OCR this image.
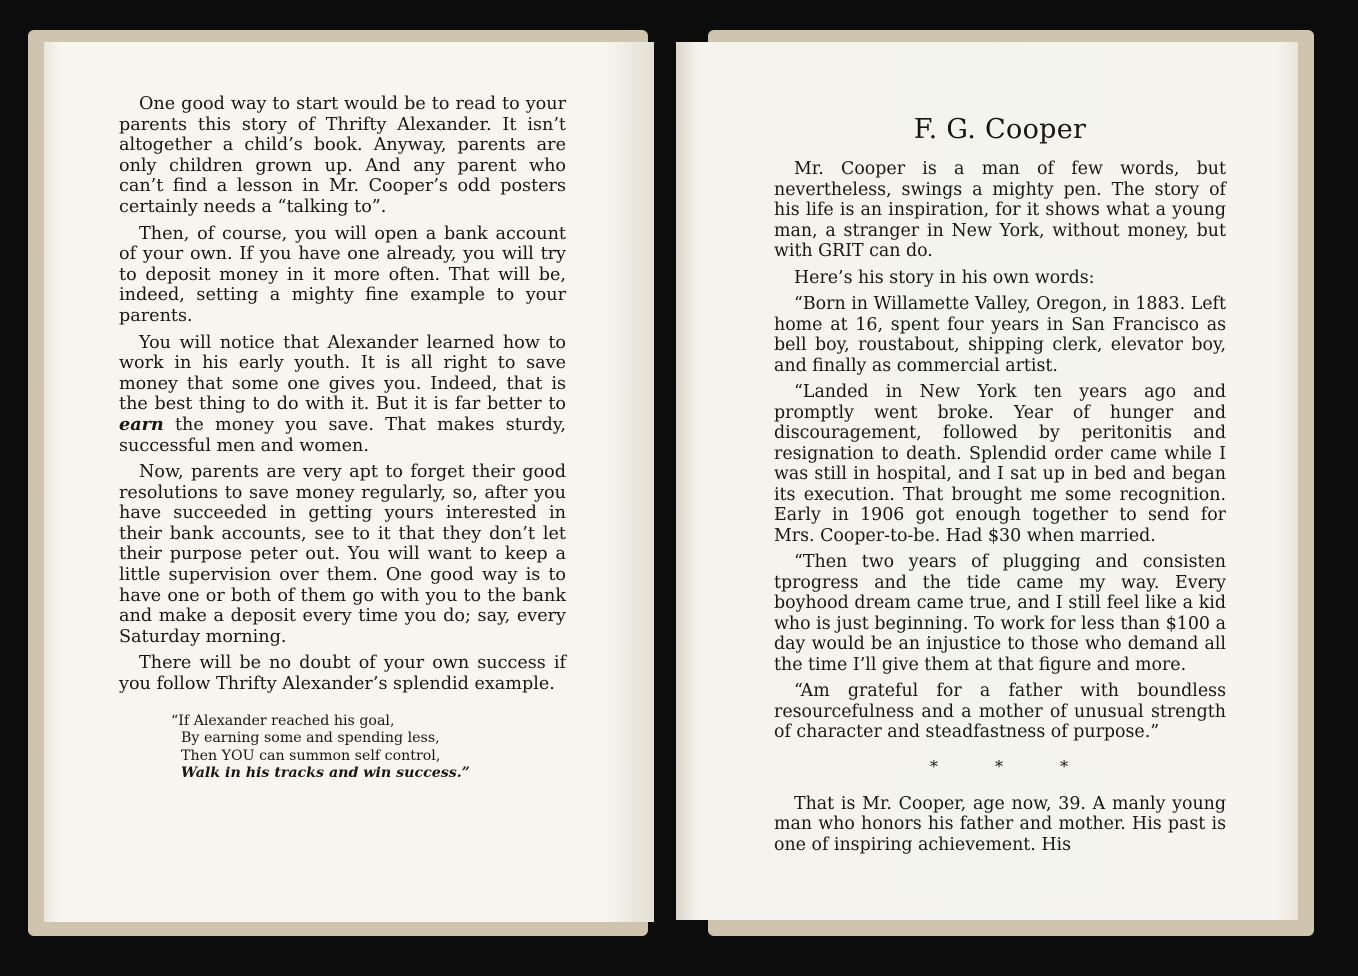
One good way to start would be to read to your parents this story of Thrifty Alexander. It isn’t altogether a child’s book. Anyway, parents are only children grown up. And any parent who can’t find a lesson in Mr. Cooper’s odd posters certainly needs a “talking to”.

Then, of course, you will open a bank account of your own. If you have one already, you will try to deposit money in it more often. That will be, indeed, setting a mighty fine example to your parents.

You will notice that Alexander learned how to work in his early youth. It is all right to save money that some one gives you. Indeed, that is the best thing to do with it. But it is far better to earn the money you save. That makes sturdy, successful men and women.

Now, parents are very apt to forget their good resolutions to save money regularly, so, after you have succeeded in getting yours interested in their bank accounts, see to it that they don’t let their purpose peter out. You will want to keep a little supervision over them. One good way is to have one or both of them go with you to the bank and make a deposit every time you do; say, every Saturday morning.

There will be no doubt of your own success if you follow Thrifty Alexander’s splendid example.

“If Alexander reached his goal,
By earning some and spending less,
Then YOU can summon self control,
Walk in his tracks and win success.”
F. G. Cooper

Mr. Cooper is a man of few words, but nevertheless, swings a mighty pen. The story of his life is an inspiration, for it shows what a young man, a stranger in New York, without money, but with GRIT can do.

Here’s his story in his own words:

“Born in Willamette Valley, Oregon, in 1883. Left home at 16, spent four years in San Francisco as bell boy, roustabout, shipping clerk, elevator boy, and finally as commercial artist.

“Landed in New York ten years ago and promptly went broke. Year of hunger and discouragement, followed by peritonitis and resignation to death. Splendid order came while I was still in hospital, and I sat up in bed and began its execution. That brought me some recognition. Early in 1906 got enough together to send for Mrs. Cooper-to-be. Had $30 when married.

“Then two years of plugging and consisten tprogress and the tide came my way. Every boyhood dream came true, and I still feel like a kid who is just beginning. To work for less than $100 a day would be an injustice to those who demand all the time I’ll give them at that figure and more.

“Am grateful for a father with boundless resourcefulness and a mother of unusual strength of character and steadfastness of purpose.”

* * *

That is Mr. Cooper, age now, 39. A manly young man who honors his father and mother. His past is one of inspiring achievement. His
